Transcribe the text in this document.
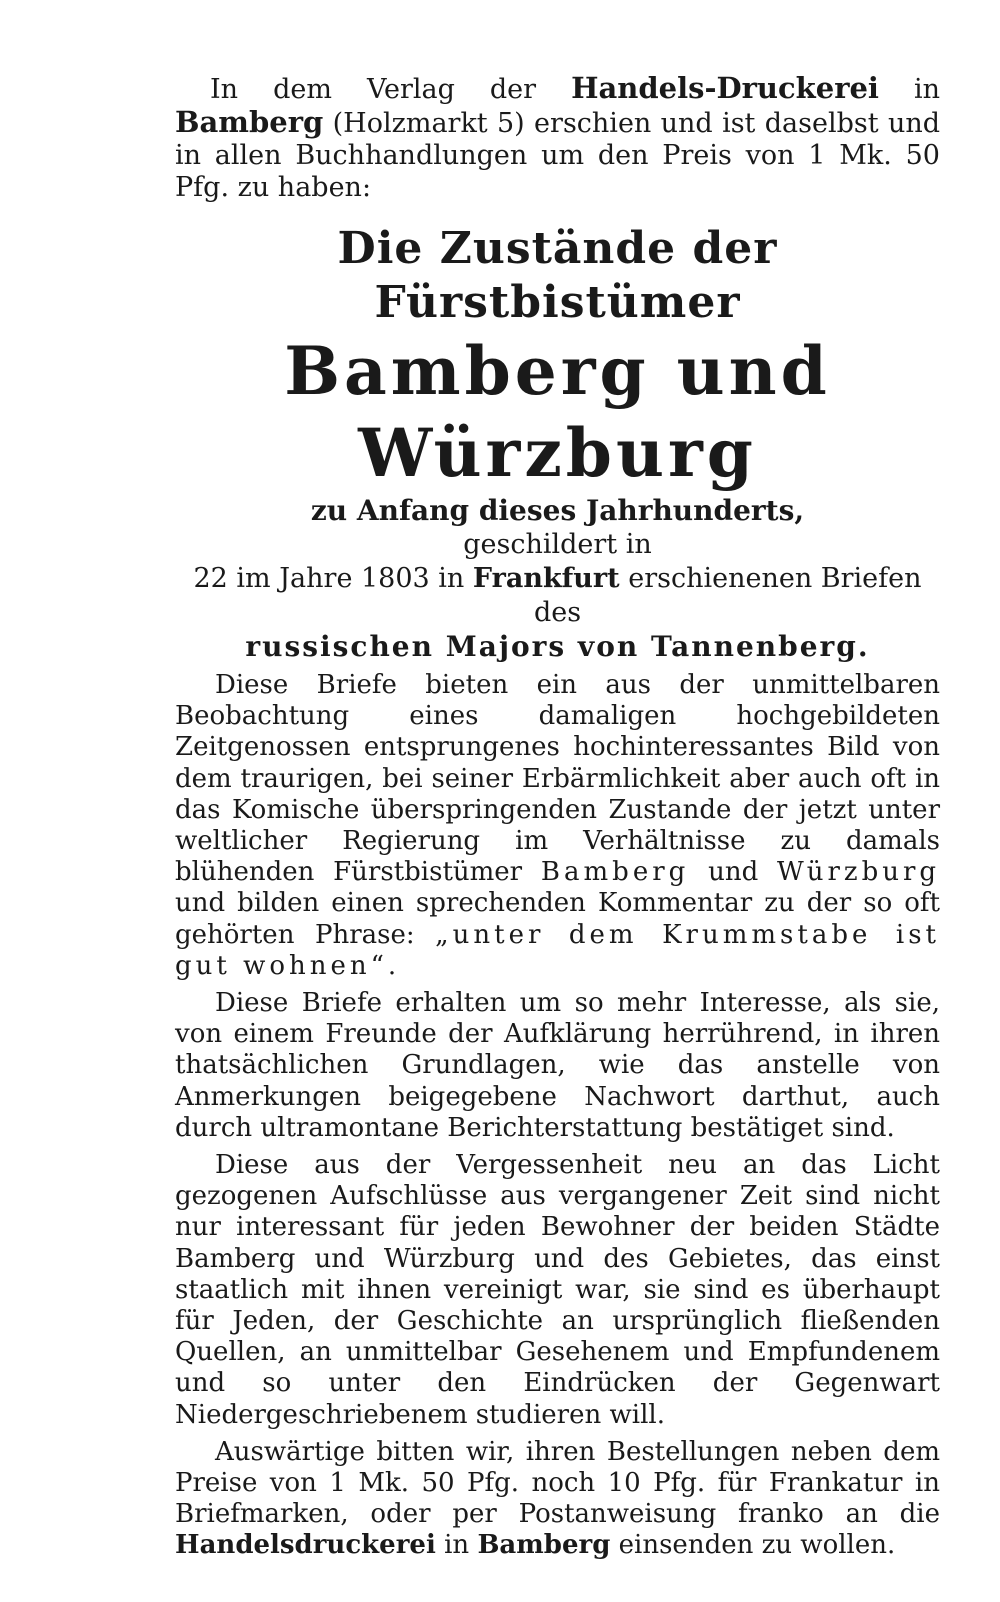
In dem Verlag der Handels-Druckerei in Bamberg (Holzmarkt 5) erschien und ist daselbst und in allen Buchhandlungen um den Preis von 1 Mk. 50 Pfg. zu haben:

Die Zustände der Fürstbistümer

Bamberg und Würzburg

zu Anfang dieses Jahrhunderts,

geschildert in

22 im Jahre 1803 in Frankfurt erschienenen Briefen

des

russischen Majors von Tannenberg.

Diese Briefe bieten ein aus der unmittelbaren Beobachtung eines damaligen hochgebildeten Zeitgenossen entsprungenes hochinteressantes Bild von dem traurigen, bei seiner Erbärmlichkeit aber auch oft in das Komische überspringenden Zustande der jetzt unter weltlicher Regierung im Verhältnisse zu damals blühenden Fürstbistümer Bamberg und Würzburg und bilden einen sprechenden Kommentar zu der so oft gehörten Phrase: „unter dem Krummstabe ist gut wohnen“.

Diese Briefe erhalten um so mehr Interesse, als sie, von einem Freunde der Aufklärung herrührend, in ihren thatsächlichen Grundlagen, wie das anstelle von Anmerkungen beigegebene Nachwort darthut, auch durch ultramontane Berichterstattung bestätiget sind.

Diese aus der Vergessenheit neu an das Licht gezogenen Aufschlüsse aus vergangener Zeit sind nicht nur interessant für jeden Bewohner der beiden Städte Bamberg und Würzburg und des Gebietes, das einst staatlich mit ihnen vereinigt war, sie sind es überhaupt für Jeden, der Geschichte an ursprünglich fließenden Quellen, an unmittelbar Gesehenem und Empfundenem und so unter den Eindrücken der Gegenwart Niedergeschriebenem studieren will.

Auswärtige bitten wir, ihren Bestellungen neben dem Preise von 1 Mk. 50 Pfg. noch 10 Pfg. für Frankatur in Briefmarken, oder per Postanweisung franko an die Handelsdruckerei in Bamberg einsenden zu wollen.
